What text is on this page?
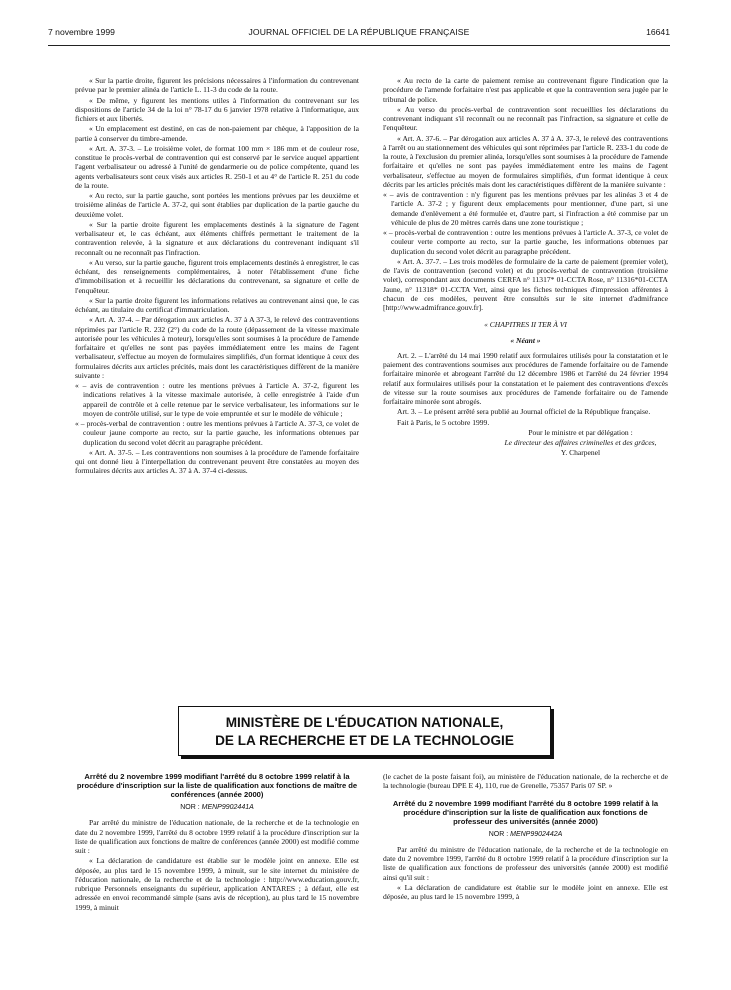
7 novembre 1999	JOURNAL OFFICIEL DE LA RÉPUBLIQUE FRANÇAISE	16641

« Sur la partie droite, figurent les précisions nécessaires à l'information du contrevenant prévue par le premier alinéa de l'article L. 11-3 du code de la route.

« De même, y figurent les mentions utiles à l'information du contrevenant sur les dispositions de l'article 34 de la loi n° 78-17 du 6 janvier 1978 relative à l'informatique, aux fichiers et aux libertés.

« Un emplacement est destiné, en cas de non-paiement par chèque, à l'apposition de la partie à conserver du timbre-amende.

« Art. A. 37-3. – Le troisième volet, de format 100 mm × 186 mm et de couleur rose, constitue le procès-verbal de contravention qui est conservé par le service auquel appartient l'agent verbalisateur ou adressé à l'unité de gendarmerie ou de police compétente, quand les agents verbalisateurs sont ceux visés aux articles R. 250-1 et au 4° de l'article R. 251 du code de la route.

« Au recto, sur la partie gauche, sont portées les mentions prévues par les deuxième et troisième alinéas de l'article A. 37-2, qui sont établies par duplication de la partie gauche du deuxième volet.

« Sur la partie droite figurent les emplacements destinés à la signature de l'agent verbalisateur et, le cas échéant, aux éléments chiffrés permettant le traitement de la contravention relevée, à la signature et aux déclarations du contrevenant indiquant s'il reconnaît ou ne reconnaît pas l'infraction.

« Au verso, sur la partie gauche, figurent trois emplacements destinés à enregistrer, le cas échéant, des renseignements complémentaires, à noter l'établissement d'une fiche d'immobilisation et à recueillir les déclarations du contrevenant, sa signature et celle de l'enquêteur.

« Sur la partie droite figurent les informations relatives au contrevenant ainsi que, le cas échéant, au titulaire du certificat d'immatriculation.

« Art. A. 37-4. – Par dérogation aux articles A. 37 à A 37-3, le relevé des contraventions réprimées par l'article R. 232 (2°) du code de la route (dépassement de la vitesse maximale autorisée pour les véhicules à moteur), lorsqu'elles sont soumises à la procédure de l'amende forfaitaire et qu'elles ne sont pas payées immédiatement entre les mains de l'agent verbalisateur, s'effectue au moyen de formulaires simplifiés, d'un format identique à ceux des formulaires décrits aux articles précités, mais dont les caractéristiques diffèrent de la manière suivante :

« – avis de contravention : outre les mentions prévues à l'article A. 37-2, figurent les indications relatives à la vitesse maximale autorisée, à celle enregistrée à l'aide d'un appareil de contrôle et à celle retenue par le service verbalisateur, les informations sur le moyen de contrôle utilisé, sur le type de voie empruntée et sur le modèle de véhicule ;

« – procès-verbal de contravention : outre les mentions prévues à l'article A. 37-3, ce volet de couleur jaune comporte au recto, sur la partie gauche, les informations obtenues par duplication du second volet décrit au paragraphe précédent.

« Art. A. 37-5. – Les contraventions non soumises à la procédure de l'amende forfaitaire qui ont donné lieu à l'interpellation du contrevenant peuvent être constatées au moyen des formulaires décrits aux articles A. 37 à A. 37-4 ci-dessus.

« Au recto de la carte de paiement remise au contrevenant figure l'indication que la procédure de l'amende forfaitaire n'est pas applicable et que la contravention sera jugée par le tribunal de police.

« Au verso du procès-verbal de contravention sont recueillies les déclarations du contrevenant indiquant s'il reconnaît ou ne reconnaît pas l'infraction, sa signature et celle de l'enquêteur.

« Art. A. 37-6. – Par dérogation aux articles A. 37 à A. 37-3, le relevé des contraventions à l'arrêt ou au stationnement des véhicules qui sont réprimées par l'article R. 233-1 du code de la route, à l'exclusion du premier alinéa, lorsqu'elles sont soumises à la procédure de l'amende forfaitaire et qu'elles ne sont pas payées immédiatement entre les mains de l'agent verbalisateur, s'effectue au moyen de formulaires simplifiés, d'un format identique à ceux décrits par les articles précités mais dont les caractéristiques diffèrent de la manière suivante :

« – avis de contravention : n'y figurent pas les mentions prévues par les alinéas 3 et 4 de l'article A. 37-2 ; y figurent deux emplacements pour mentionner, d'une part, si une demande d'enlèvement a été formulée et, d'autre part, si l'infraction a été commise par un véhicule de plus de 20 mètres carrés dans une zone touristique ;

« – procès-verbal de contravention : outre les mentions prévues à l'article A. 37-3, ce volet de couleur verte comporte au recto, sur la partie gauche, les informations obtenues par duplication du second volet décrit au paragraphe précédent.

« Art. A. 37-7. – Les trois modèles de formulaire de la carte de paiement (premier volet), de l'avis de contravention (second volet) et du procès-verbal de contravention (troisième volet), correspondant aux documents CERFA n° 11317* 01-CCTA Rose, n° 11316*01-CCTA Jaune, n° 11318* 01-CCTA Vert, ainsi que les fiches techniques d'impression afférentes à chacun de ces modèles, peuvent être consultés sur le site internet d'admifrance [http://www.admifrance.gouv.fr].

« CHAPITRES II TER À VI

« Néant »

Art. 2. – L'arrêté du 14 mai 1990 relatif aux formulaires utilisés pour la constatation et le paiement des contraventions soumises aux procédures de l'amende forfaitaire ou de l'amende forfaitaire minorée et abrogeant l'arrêté du 12 décembre 1986 et l'arrêté du 24 février 1994 relatif aux formulaires utilisés pour la constatation et le paiement des contraventions d'excès de vitesse sur la route soumises aux procédures de l'amende forfaitaire ou de l'amende forfaitaire minorée sont abrogés.

Art. 3. – Le présent arrêté sera publié au Journal officiel de la République française.

Fait à Paris, le 5 octobre 1999.

Pour le ministre et par délégation :

Le directeur des affaires criminelles et des grâces,

Y. Charpenel

MINISTÈRE DE L'ÉDUCATION NATIONALE,
DE LA RECHERCHE ET DE LA TECHNOLOGIE
Arrêté du 2 novembre 1999 modifiant l'arrêté du 8 octobre 1999 relatif à la procédure d'inscription sur la liste de qualification aux fonctions de maître de conférences (année 2000)

NOR : MENP9902441A

Par arrêté du ministre de l'éducation nationale, de la recherche et de la technologie en date du 2 novembre 1999, l'arrêté du 8 octobre 1999 relatif à la procédure d'inscription sur la liste de qualification aux fonctions de maître de conférences (année 2000) est modifié comme suit :

« La déclaration de candidature est établie sur le modèle joint en annexe. Elle est déposée, au plus tard le 15 novembre 1999, à minuit, sur le site internet du ministère de l'éducation nationale, de la recherche et de la technologie : http://www.education.gouv.fr, rubrique Personnels enseignants du supérieur, application ANTARES ; à défaut, elle est adressée en envoi recommandé simple (sans avis de réception), au plus tard le 15 novembre 1999, à minuit

(le cachet de la poste faisant foi), au ministère de l'éducation nationale, de la recherche et de la technologie (bureau DPE E 4), 110, rue de Grenelle, 75357 Paris 07 SP. »

Arrêté du 2 novembre 1999 modifiant l'arrêté du 8 octobre 1999 relatif à la procédure d'inscription sur la liste de qualification aux fonctions de professeur des universités (année 2000)

NOR : MENP9902442A

Par arrêté du ministre de l'éducation nationale, de la recherche et de la technologie en date du 2 novembre 1999, l'arrêté du 8 octobre 1999 relatif à la procédure d'inscription sur la liste de qualification aux fonctions de professeur des universités (année 2000) est modifié ainsi qu'il suit :

« La déclaration de candidature est établie sur le modèle joint en annexe. Elle est déposée, au plus tard le 15 novembre 1999, à
